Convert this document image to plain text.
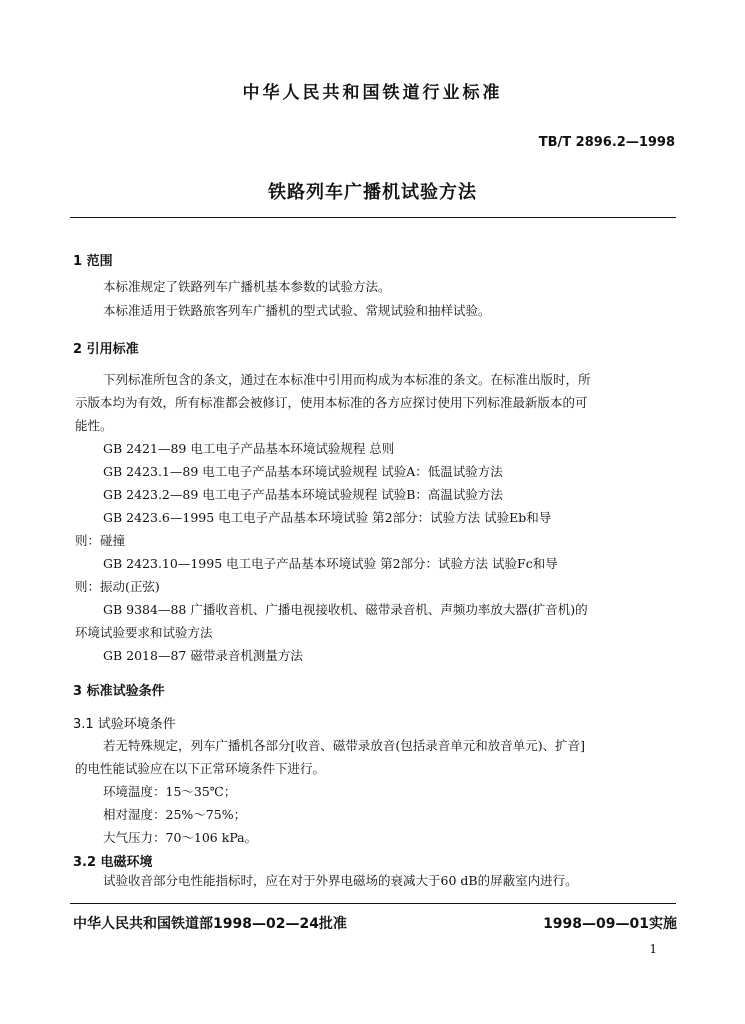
中华人民共和国铁道行业标准
TB/T 2896.2—1998
铁路列车广播机试验方法
1 范围
本标准规定了铁路列车广播机基本参数的试验方法。
本标准适用于铁路旅客列车广播机的型式试验、常规试验和抽样试验。
2 引用标准
下列标准所包含的条文，通过在本标准中引用而构成为本标准的条文。在标准出版时，所
示版本均为有效，所有标准都会被修订，使用本标准的各方应探讨使用下列标准最新版本的可
能性。
GB 2421—89 电工电子产品基本环境试验规程 总则
GB 2423.1—89 电工电子产品基本环境试验规程 试验A：低温试验方法
GB 2423.2—89 电工电子产品基本环境试验规程 试验B：高温试验方法
GB 2423.6—1995 电工电子产品基本环境试验 第2部分：试验方法 试验Eb和导
则：碰撞
GB 2423.10—1995 电工电子产品基本环境试验 第2部分：试验方法 试验Fc和导
则：振动(正弦)
GB 9384—88 广播收音机、广播电视接收机、磁带录音机、声频功率放大器(扩音机)的
环境试验要求和试验方法
GB 2018—87 磁带录音机测量方法
3 标准试验条件
3.1 试验环境条件
若无特殊规定，列车广播机各部分[收音、磁带录放音(包括录音单元和放音单元)、扩音]
的电性能试验应在以下正常环境条件下进行。
环境温度：15～35℃；
相对湿度：25%～75%；
大气压力：70～106 kPa。
3.2 电磁环境
试验收音部分电性能指标时，应在对于外界电磁场的衰减大于60 dB的屏蔽室内进行。
中华人民共和国铁道部1998—02—24批准	1998—09—01实施
1
